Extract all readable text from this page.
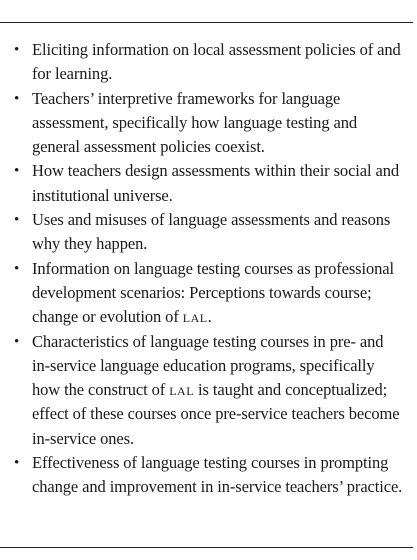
• Eliciting information on local assessment policies of and for learning.
• Teachers’ interpretive frameworks for language assessment, specifically how language testing and general assessment policies coexist.
• How teachers design assessments within their social and institutional universe.
• Uses and misuses of language assessments and reasons why they happen.
• Information on language testing courses as professional development scenarios: Perceptions towards course; change or evolution of lal.
• Characteristics of language testing courses in pre- and in-service language education programs, specifically how the construct of lal is taught and conceptualized; effect of these courses once pre-service teachers become in-service ones.
• Effectiveness of language testing courses in prompting change and improvement in in-service teachers’ practice.
